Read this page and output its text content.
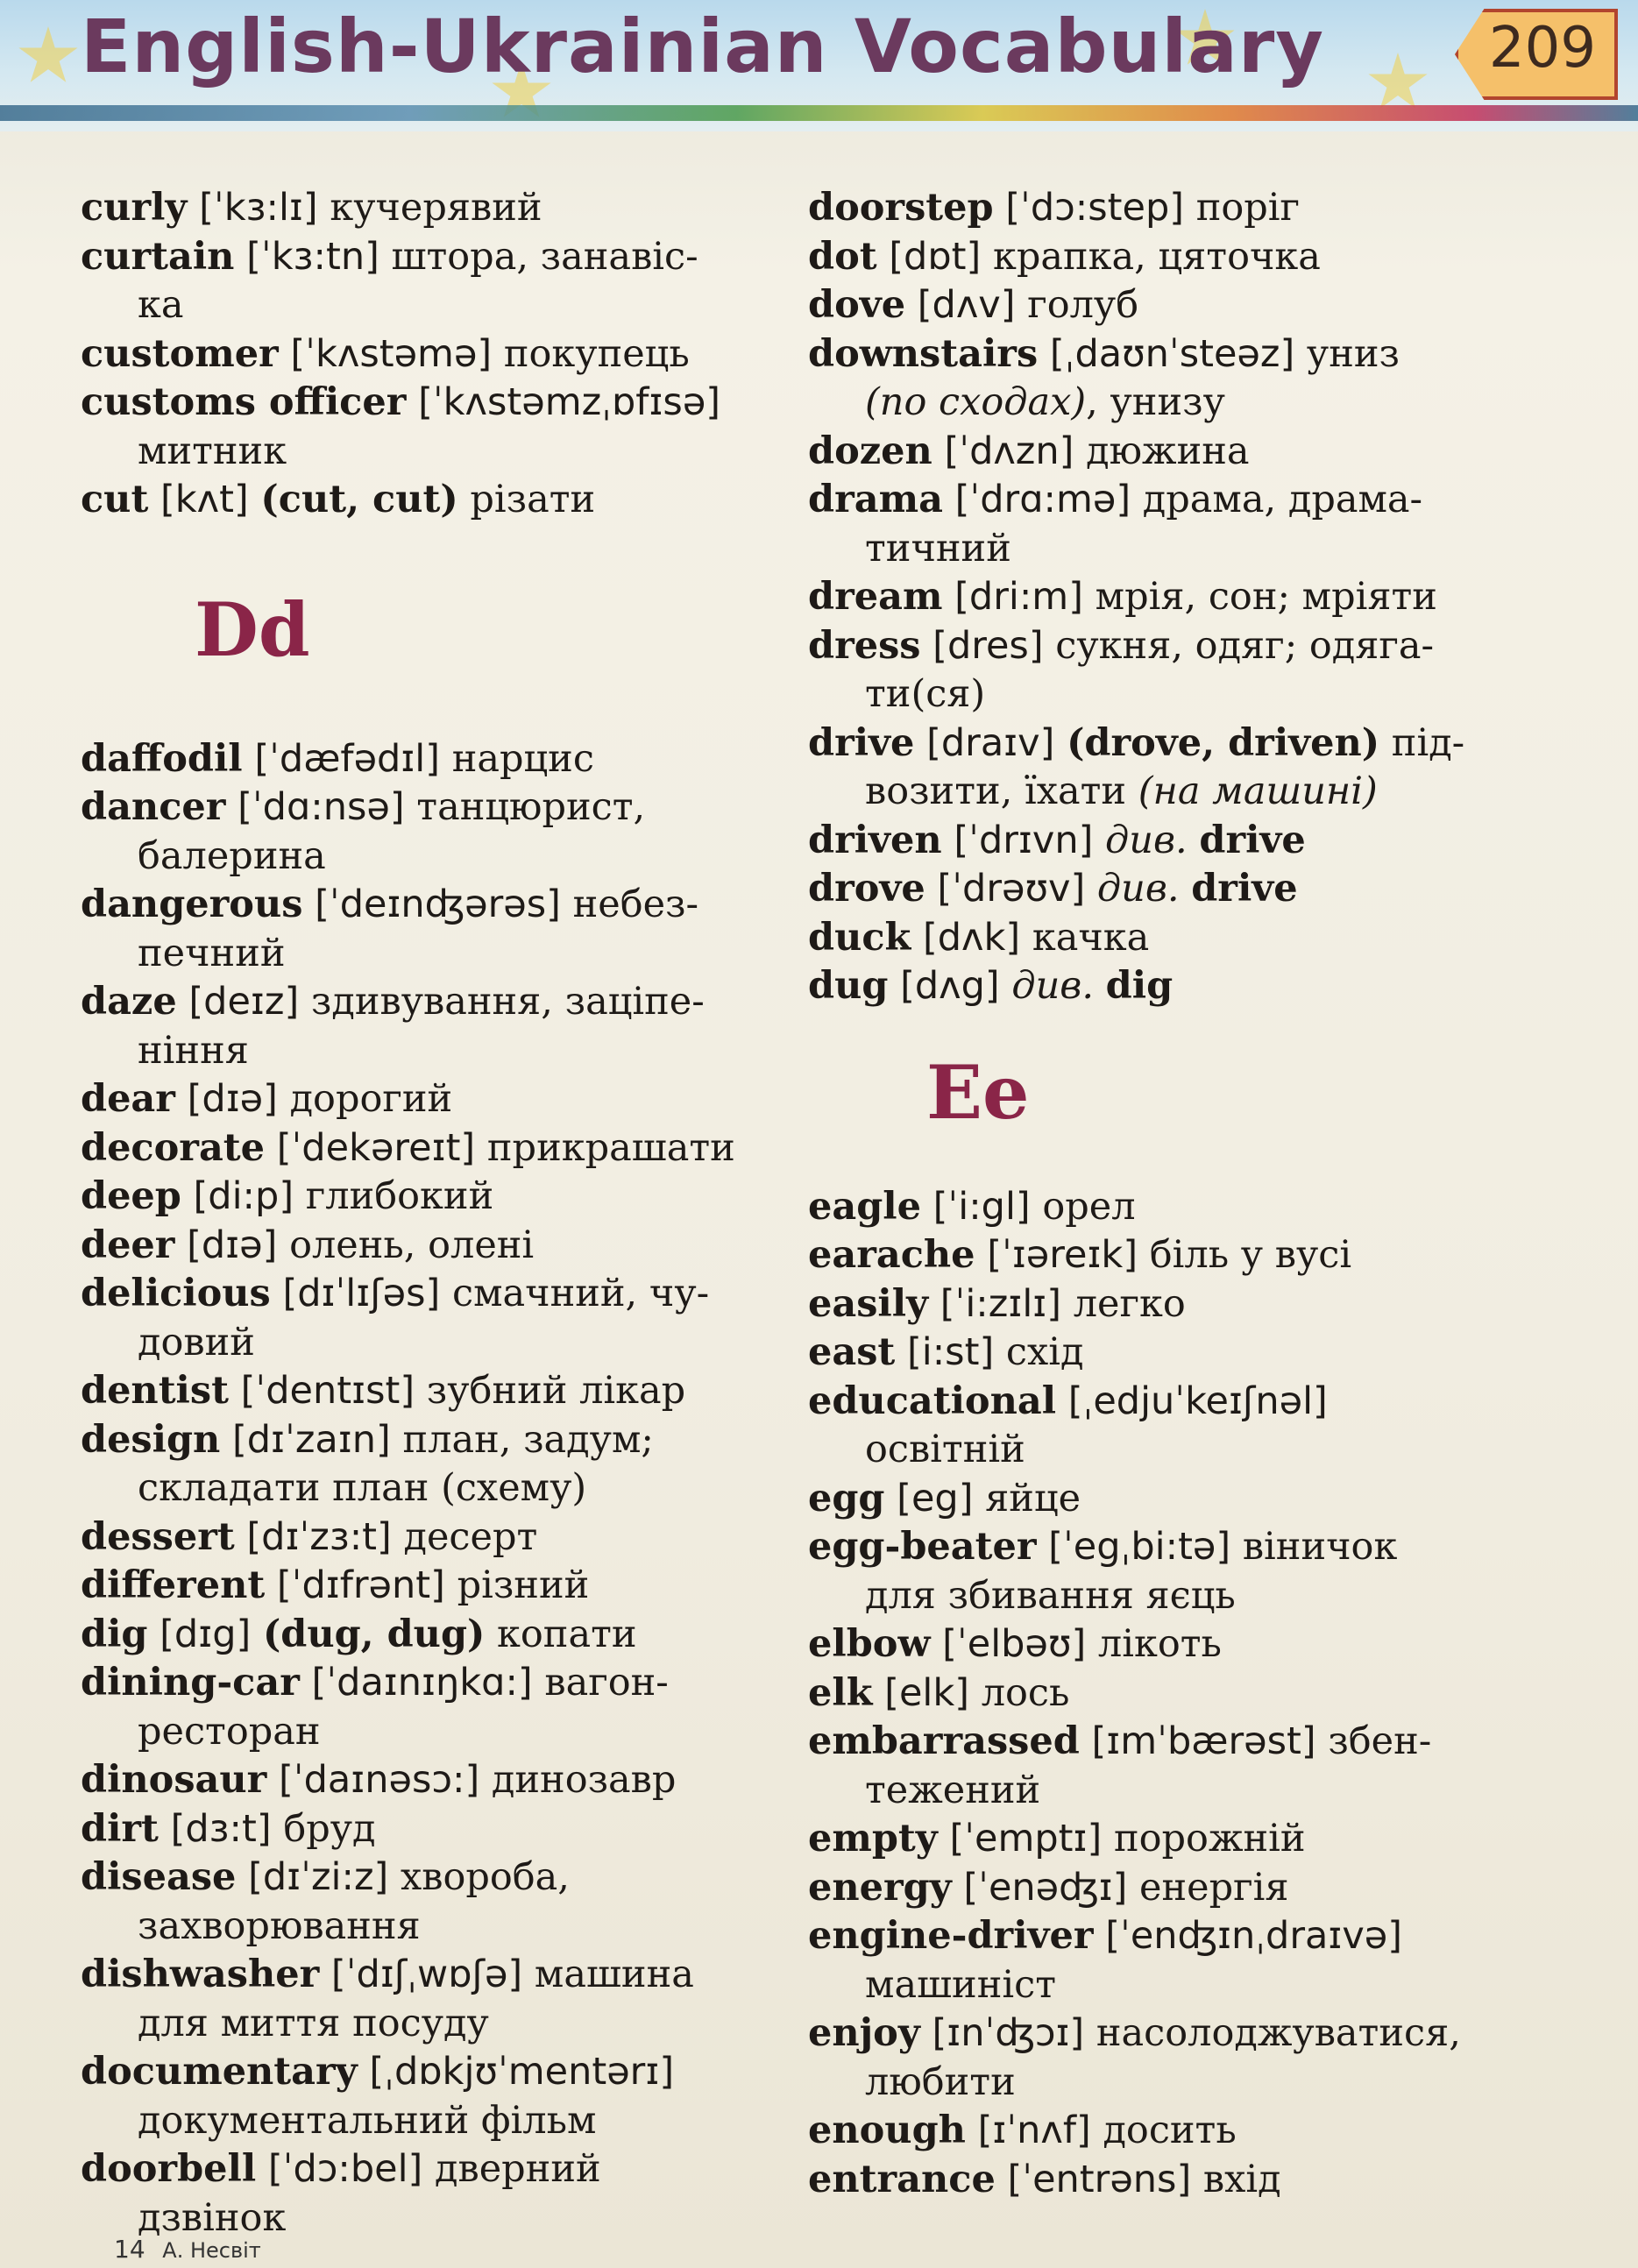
English-Ukrainian Vocabulary	209
curly [ˈkɜ:lɪ] кучерявий
curtain [ˈkɜ:tn] штора, занавіс-
ка
customer [ˈkʌstəmə] покупець
customs officer [ˈkʌstəmzˌɒfɪsə]
митник
cut [kʌt] (cut, cut) різати
Dd
daffodil [ˈdæfədɪl] нарцис
dancer [ˈdɑ:nsə] танцюрист,
балерина
dangerous [ˈdeɪnʤərəs] небез-
печний
daze [deɪz] здивування, заціпе-
ніння
dear [dɪə] дорогий
decorate [ˈdekəreɪt] прикрашати
deep [di:p] глибокий
deer [dɪə] олень, олені
delicious [dɪˈlɪʃəs] смачний, чу-
довий
dentist [ˈdentɪst] зубний лікар
design [dɪˈzaɪn] план, задум;
складати план (схему)
dessert [dɪˈzɜ:t] десерт
different [ˈdɪfrənt] різний
dig [dɪg] (dug, dug) копати
dining-car [ˈdaɪnɪŋkɑ:] вагон-
ресторан
dinosaur [ˈdaɪnəsɔ:] динозавр
dirt [dɜ:t] бруд
disease [dɪˈzi:z] хвороба,
захворювання
dishwasher [ˈdɪʃˌwɒʃə] машина
для миття посуду
documentary [ˌdɒkjʊˈmentərɪ]
документальний фільм
doorbell [ˈdɔ:bel] дверний
дзвінок
doorstep [ˈdɔ:step] поріг
dot [dɒt] крапка, цяточка
dove [dʌv] голуб
downstairs [ˌdaʊnˈsteəz] униз
(по сходах), унизу
dozen [ˈdʌzn] дюжина
drama [ˈdrɑ:mə] драма, драма-
тичний
dream [dri:m] мрія, сон; мріяти
dress [dres] сукня, одяг; одяга-
ти(ся)
drive [draɪv] (drove, driven) під-
возити, їхати (на машині)
driven [ˈdrɪvn] див. drive
drove [ˈdrəʊv] див. drive
duck [dʌk] качка
dug [dʌg] див. dig
Ee
eagle [ˈi:gl] орел
earache [ˈɪəreɪk] біль у вусі
easily [ˈi:zɪlɪ] легко
east [i:st] схід
educational [ˌedjuˈkeɪʃnəl]
освітній
egg [eg] яйце
egg-beater [ˈegˌbi:tə] віничок
для збивання яєць
elbow [ˈelbəʊ] лікоть
elk [elk] лось
embarrassed [ɪmˈbærəst] збен-
тежений
empty [ˈemptɪ] порожній
energy [ˈenəʤɪ] енергія
engine-driver [ˈenʤɪnˌdraɪvə]
машиніст
enjoy [ɪnˈʤɔɪ] насолоджуватися,
любити
enough [ɪˈnʌf] досить
entrance [ˈentrəns] вхід
14 А. Несвіт
